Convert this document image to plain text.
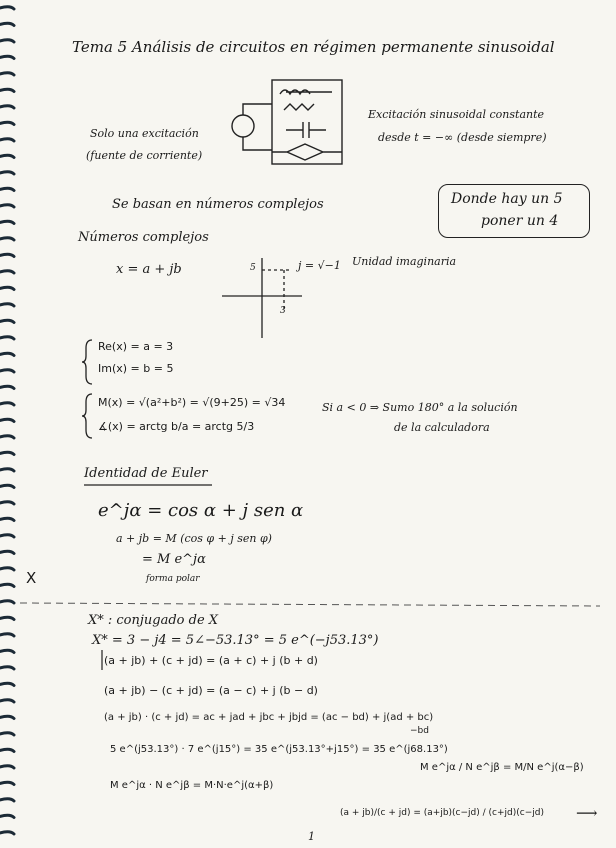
Tema 5 Análisis de circuitos en régimen permanente sinusoidal
Solo una excitación
(fuente de corriente)
Excitación sinusoidal constante
desde t = −∞ (desde siempre)
Donde hay un 5
poner un 4
Se basan en números complejos
Números complejos
x = a + jb	5
3
j = √−1 Unidad imaginaria
Re(x) = a = 3
Im(x) = b = 5
M(x) = √(a²+b²) = √(9+25) = √34
∡(x) = arctg b/a = arctg 5/3
Si a < 0 ⇒ Sumo 180° a la solución
de la calculadora
Identidad de Euler
e^jα = cos α + j sen α
a + jb = M (cos φ + j sen φ)
= M e^jα
forma polar
X
X* : conjugado de X
X* = 3 − j4 = 5∠−53.13° = 5 e^(−j53.13°)
(a + jb) + (c + jd) = (a + c) + j (b + d)
(a + jb) − (c + jd) = (a − c) + j (b − d)
(a + jb) · (c + jd) = ac + jad + jbc + jbjd = (ac − bd) + j(ad + bc)
−bd
5 e^(j53.13°) · 7 e^(j15°) = 35 e^(j53.13°+j15°) = 35 e^(j68.13°)
M e^jα / N e^jβ = M/N e^j(α−β)
M e^jα · N e^jβ = M·N·e^j(α+β)
(a + jb)/(c + jd) = (a+jb)(c−jd) / (c+jd)(c−jd) ⟶
1
